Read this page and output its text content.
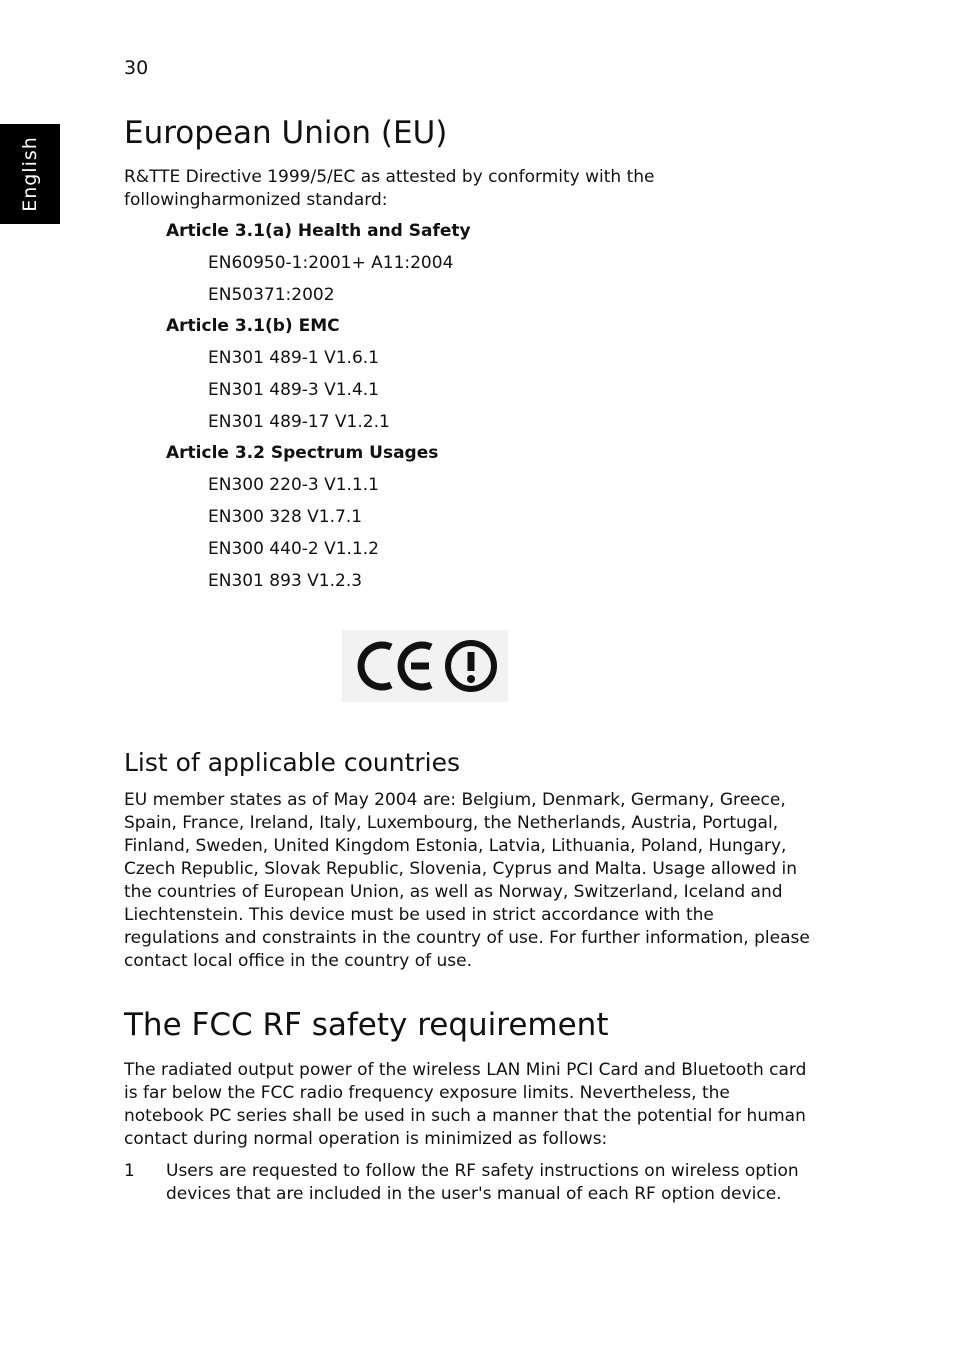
30
English
European Union (EU)

R&TTE Directive 1999/5/EC as attested by conformity with the followingharmonized standard:

Article 3.1(a) Health and Safety
EN60950-1:2001+ A11:2004
EN50371:2002
Article 3.1(b) EMC
EN301 489-1 V1.6.1
EN301 489-3 V1.4.1
EN301 489-17 V1.2.1
Article 3.2 Spectrum Usages
EN300 220-3 V1.1.1
EN300 328 V1.7.1
EN300 440-2 V1.1.2
EN301 893 V1.2.3
List of applicable countries

EU member states as of May 2004 are: Belgium, Denmark, Germany, Greece, Spain, France, Ireland, Italy, Luxembourg, the Netherlands, Austria, Portugal, Finland, Sweden, United Kingdom Estonia, Latvia, Lithuania, Poland, Hungary, Czech Republic, Slovak Republic, Slovenia, Cyprus and Malta. Usage allowed in the countries of European Union, as well as Norway, Switzerland, Iceland and Liechtenstein. This device must be used in strict accordance with the regulations and constraints in the country of use. For further information, please contact local office in the country of use.

The FCC RF safety requirement

The radiated output power of the wireless LAN Mini PCI Card and Bluetooth card is far below the FCC radio frequency exposure limits. Nevertheless, the notebook PC series shall be used in such a manner that the potential for human contact during normal operation is minimized as follows:

1	Users are requested to follow the RF safety instructions on wireless option devices that are included in the user's manual of each RF option device.
